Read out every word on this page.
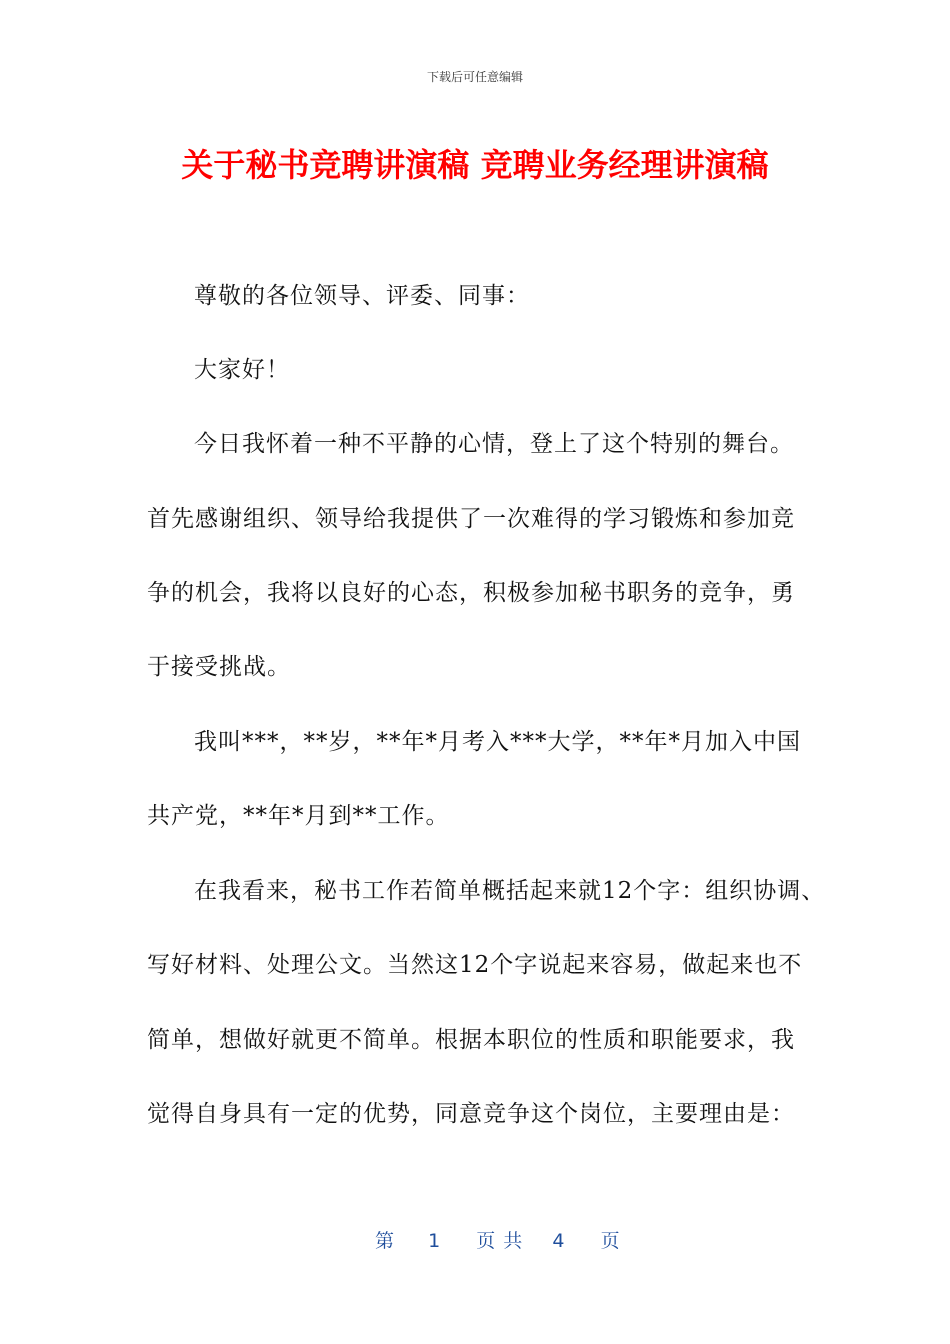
下载后可任意编辑
关于秘书竞聘讲演稿 竞聘业务经理讲演稿
尊敬的各位领导、评委、同事：
大家好！
今日我怀着一种不平静的心情，登上了这个特别的舞台。
首先感谢组织、领导给我提供了一次难得的学习锻炼和参加竞
争的机会，我将以良好的心态，积极参加秘书职务的竞争，勇
于接受挑战。
我叫***，**岁，**年*月考入***大学，**年*月加入中国
共产党，**年*月到**工作。
在我看来，秘书工作若简单概括起来就12个字：组织协调、
写好材料、处理公文。当然这12个字说起来容易，做起来也不
简单，想做好就更不简单。根据本职位的性质和职能要求，我
觉得自身具有一定的优势，同意竞争这个岗位，主要理由是：
第 1 页共 4 页
